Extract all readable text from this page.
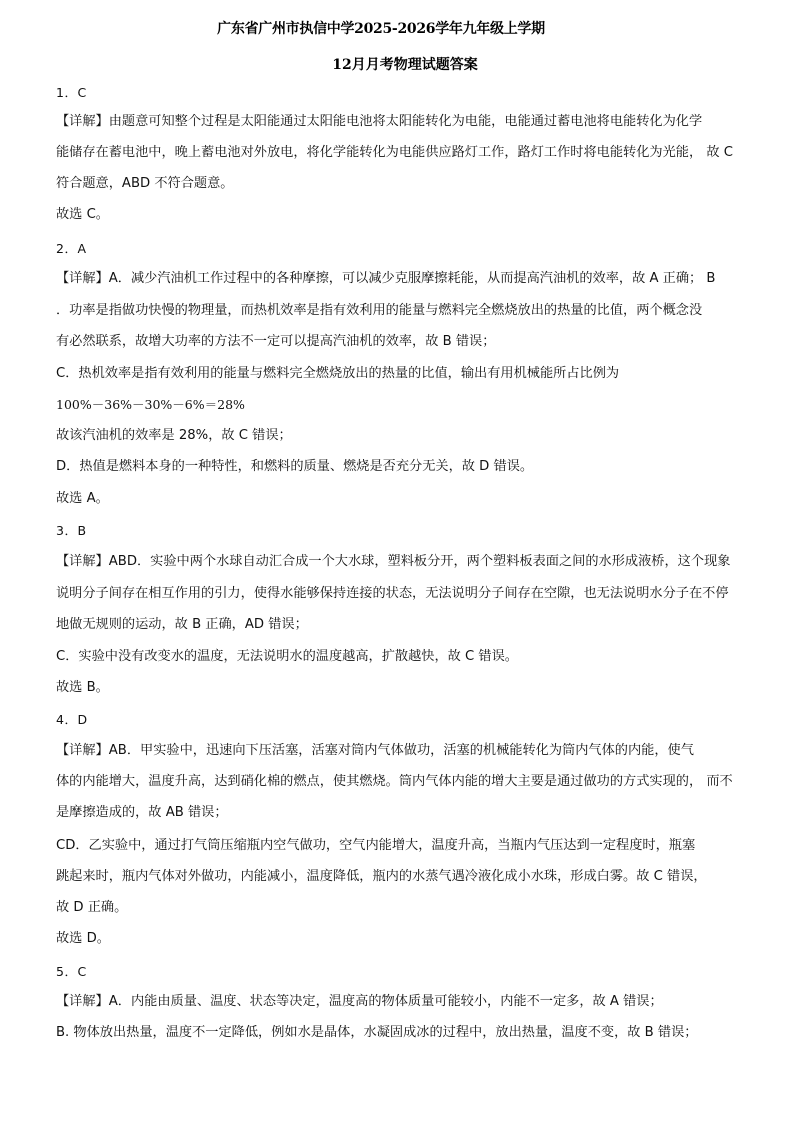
广东省广州市执信中学2025-2026学年九年级上学期
12月月考物理试题答案
1．C
【详解】由题意可知整个过程是太阳能通过太阳能电池将太阳能转化为电能，电能通过蓄电池将电能转化为化学
能储存在蓄电池中，晚上蓄电池对外放电，将化学能转化为电能供应路灯工作，路灯工作时将电能转化为光能， 故 C
符合题意，ABD 不符合题意。
故选 C。
2．A
【详解】A．减少汽油机工作过程中的各种摩擦，可以减少克服摩擦耗能，从而提高汽油机的效率，故 A 正确； B
．功率是指做功快慢的物理量，而热机效率是指有效利用的能量与燃料完全燃烧放出的热量的比值，两个概念没
有必然联系，故增大功率的方法不一定可以提高汽油机的效率，故 B 错误；
C．热机效率是指有效利用的能量与燃料完全燃烧放出的热量的比值，输出有用机械能所占比例为
100%－36%－30%－6%＝28%
故该汽油机的效率是 28%，故 C 错误；
D．热值是燃料本身的一种特性，和燃料的质量、燃烧是否充分无关，故 D 错误。
故选 A。
3．B
【详解】ABD．实验中两个水球自动汇合成一个大水球，塑料板分开，两个塑料板表面之间的水形成液桥，这个现象
说明分子间存在相互作用的引力，使得水能够保持连接的状态，无法说明分子间存在空隙，也无法说明水分子在不停
地做无规则的运动，故 B 正确，AD 错误；
C．实验中没有改变水的温度，无法说明水的温度越高，扩散越快，故 C 错误。
故选 B。
4．D
【详解】AB．甲实验中，迅速向下压活塞，活塞对筒内气体做功，活塞的机械能转化为筒内气体的内能，使气
体的内能增大，温度升高，达到硝化棉的燃点，使其燃烧。筒内气体内能的增大主要是通过做功的方式实现的， 而不
是摩擦造成的，故 AB 错误；
CD．乙实验中，通过打气筒压缩瓶内空气做功，空气内能增大，温度升高，当瓶内气压达到一定程度时，瓶塞
跳起来时，瓶内气体对外做功，内能减小，温度降低，瓶内的水蒸气遇冷液化成小水珠，形成白雾。故 C 错误，
故 D 正确。
故选 D。
5．C
【详解】A．内能由质量、温度、状态等决定，温度高的物体质量可能较小，内能不一定多，故 A 错误；
B. 物体放出热量，温度不一定降低，例如水是晶体，水凝固成冰的过程中，放出热量，温度不变，故 B 错误；
